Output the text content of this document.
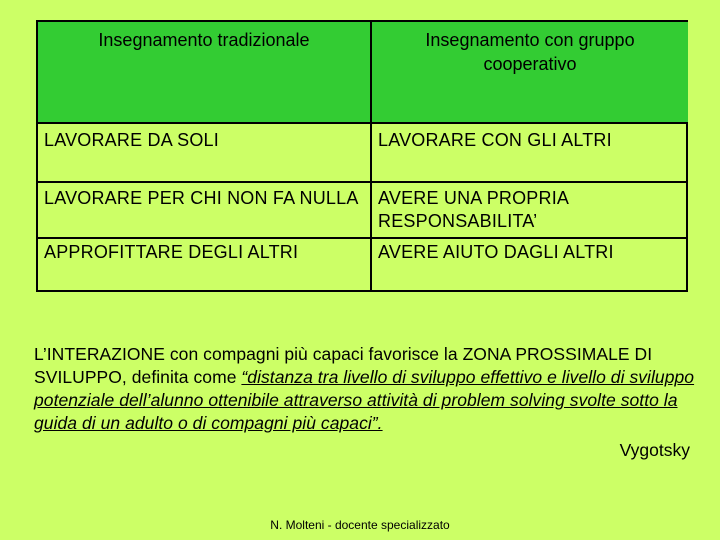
Insegnamento tradizionale	Insegnamento con gruppo cooperativo
LAVORARE DA SOLI	LAVORARE CON GLI ALTRI
LAVORARE PER CHI NON FA NULLA	AVERE UNA PROPRIA RESPONSABILITA’
APPROFITTARE DEGLI ALTRI	AVERE AIUTO DAGLI ALTRI
L’INTERAZIONE con compagni più capaci favorisce la ZONA PROSSIMALE DI SVILUPPO, definita come “distanza tra livello di sviluppo effettivo e livello di sviluppo potenziale dell’alunno ottenibile attraverso attività di problem solving svolte sotto la guida di un adulto o di compagni più capaci”.
Vygotsky
N. Molteni - docente specializzato
